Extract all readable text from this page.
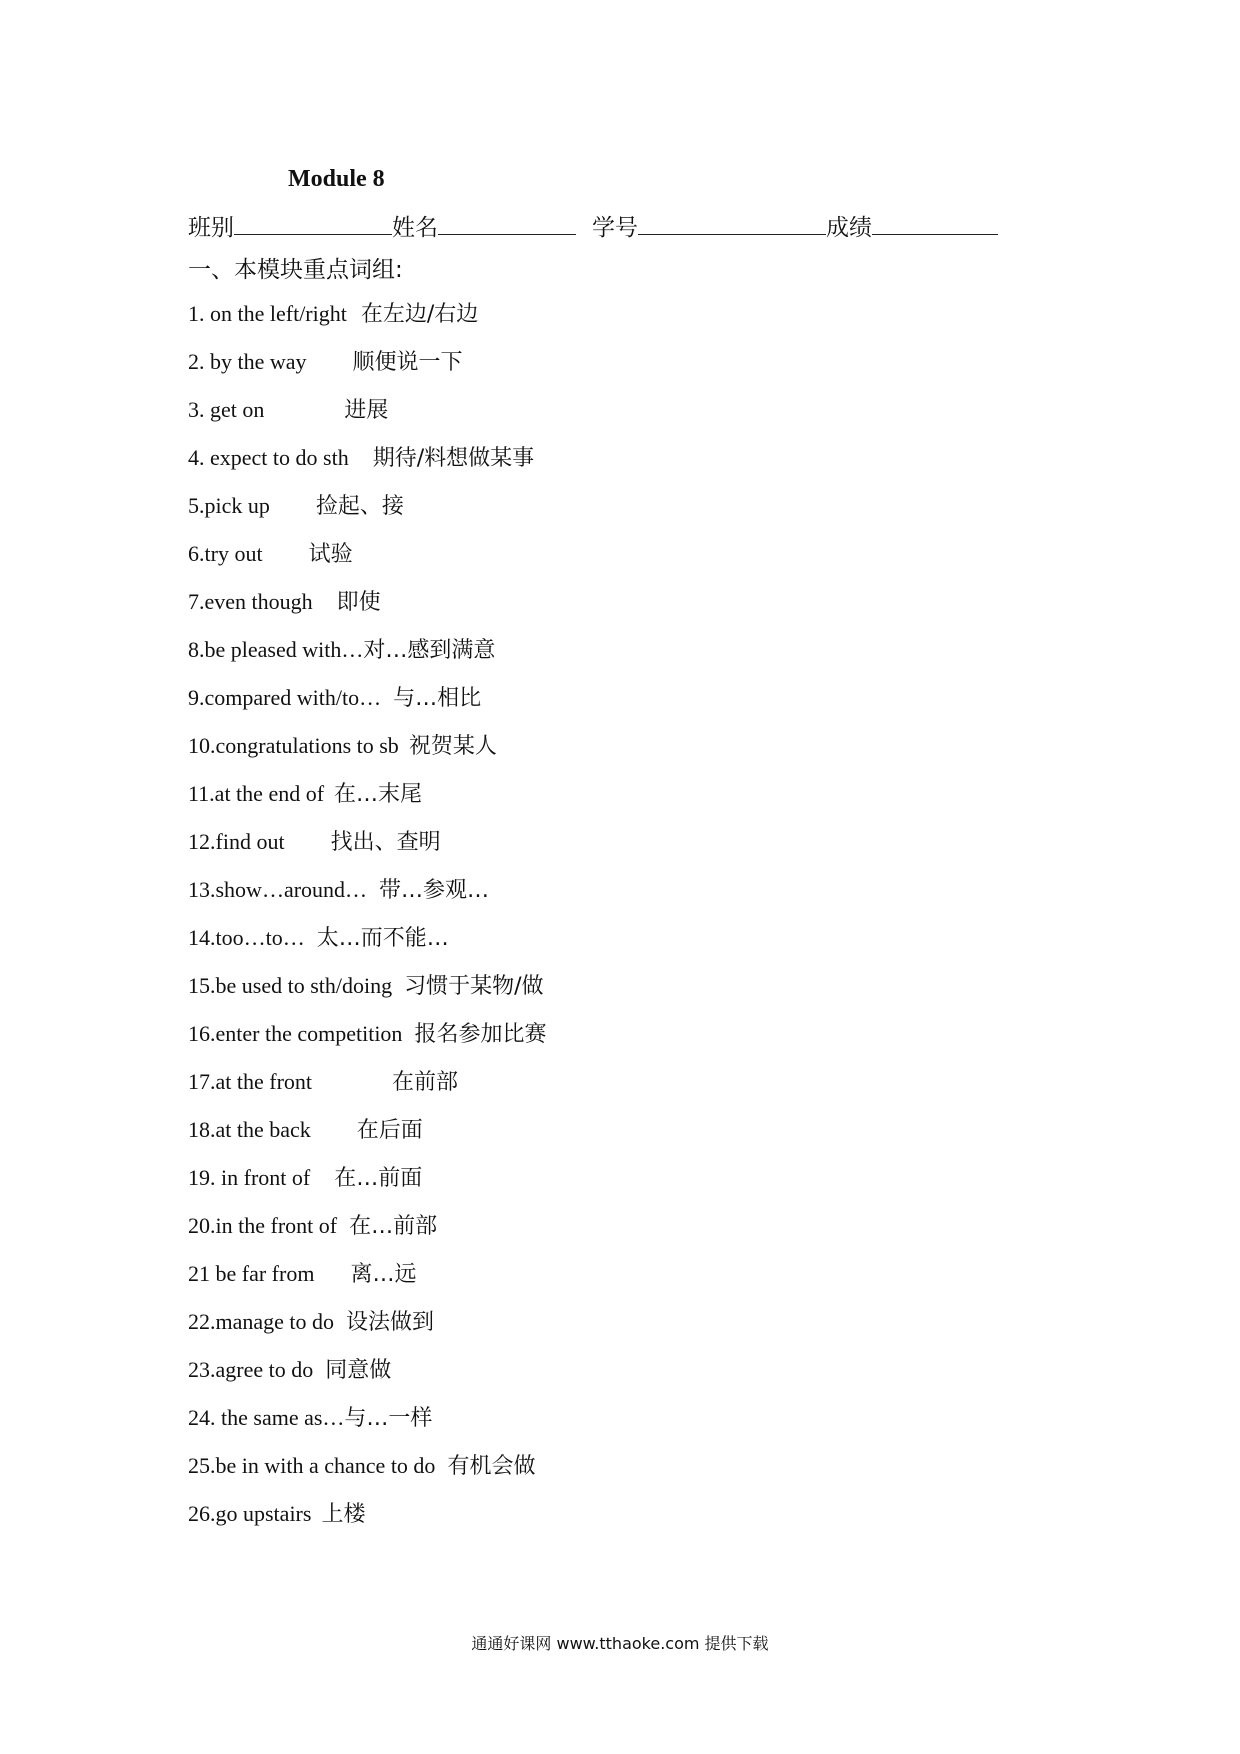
Module 8
班别	姓名	学号	成绩
一、本模块重点词组:
1. on the left/right 在左边/右边
2. by the way 顺便说一下
3. get on	进展
4. expect to do sth 期待/料想做某事
5.pick up 捡起、接
6.try out 试验
7.even though 即使
8.be pleased with…对…感到满意
9.compared with/to… 与…相比
10.congratulations to sb 祝贺某人
11.at the end of 在…末尾
12.find out 找出、查明
13.show…around… 带…参观…
14.too…to… 太…而不能…
15.be used to sth/doing 习惯于某物/做
16.enter the competition 报名参加比赛
17.at the front	在前部
18.at the back 在后面
19. in front of 在…前面
20.in the front of 在…前部
21 be far from 离…远
22.manage to do 设法做到
23.agree to do 同意做
24. the same as…与…一样
25.be in with a chance to do 有机会做
26.go upstairs 上楼
通通好课网 www.tthaoke.com 提供下载
